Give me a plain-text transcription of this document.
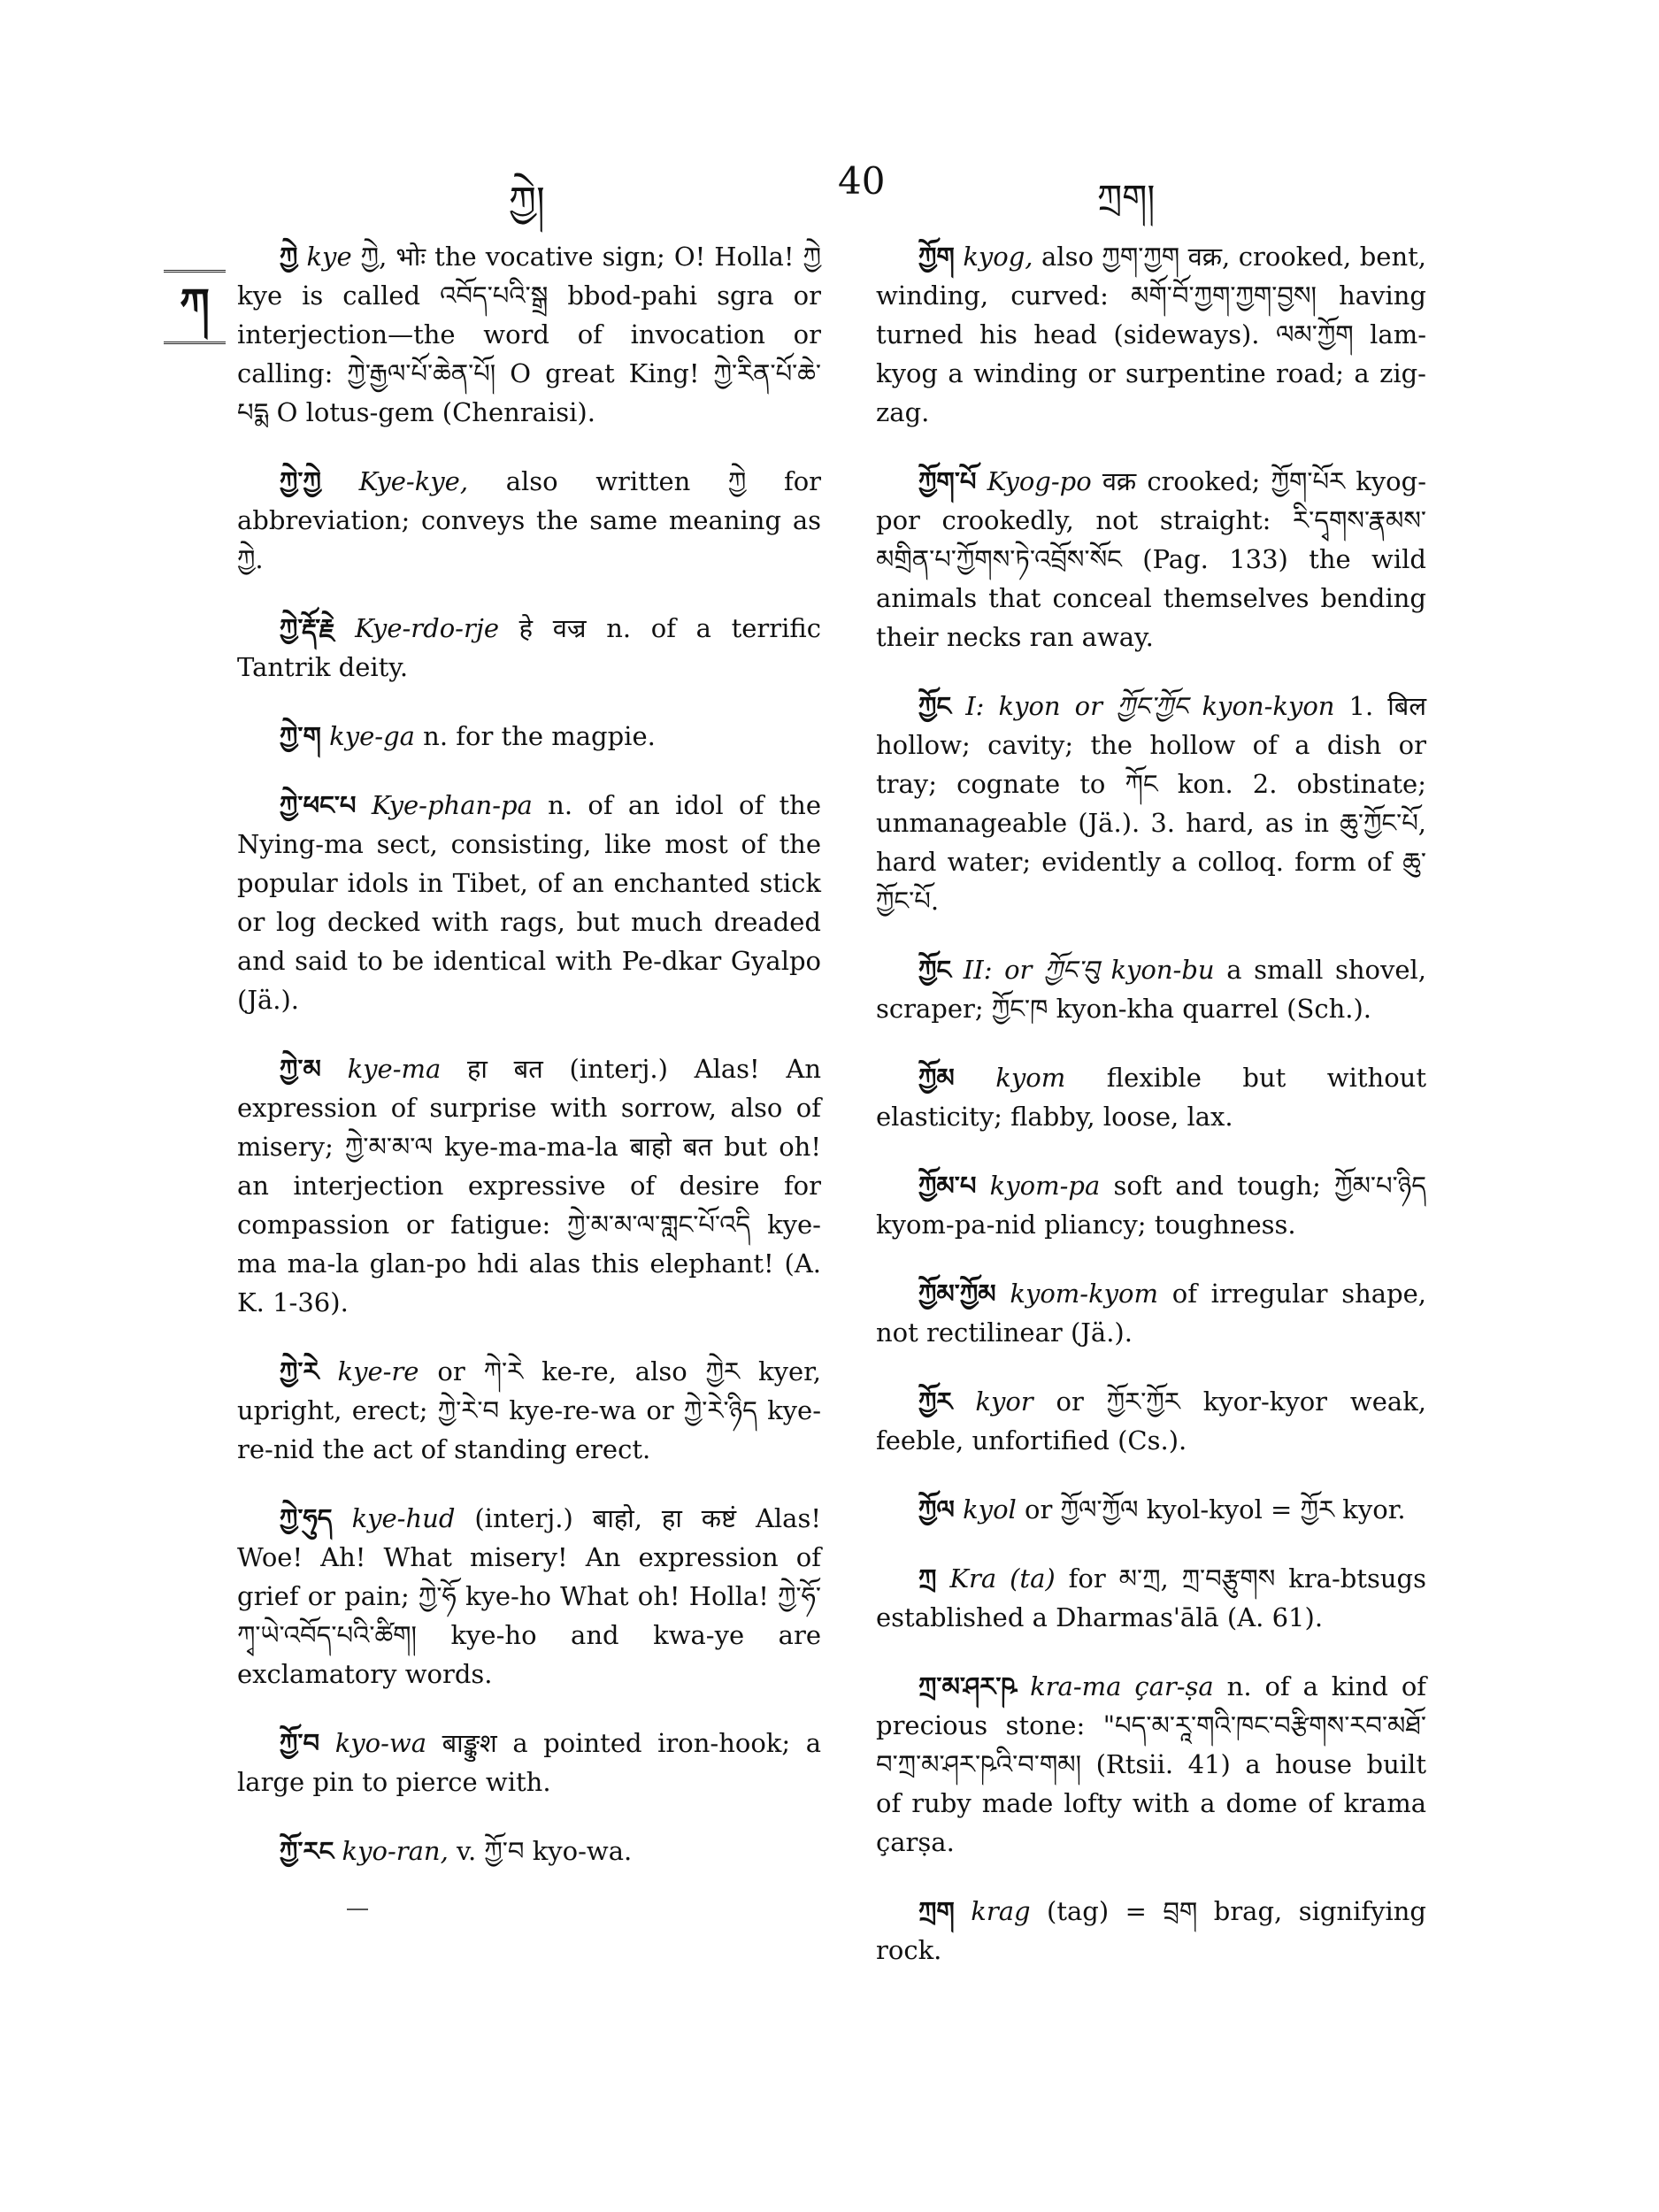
ཀྱེ།	40	ཀྲག།
ཀ

ཀྱེ kye ཀྱེ, भोः the vocative sign; O! Holla! ཀྱེ kye is called འབོད་པའི་སྒྲ bbod-pahi sgra or interjection—the word of invocation or calling: ཀྱེ་རྒྱལ་པོ་ཆེན་པོ། O great King! ཀྱེ་རིན་པོ་ཆེ་པདྨ O lotus-gem (Chenraisi).

ཀྱེ་ཀྱེ Kye-kye, also written ཀྱེ for abbreviation; conveys the same meaning as ཀྱེ.

ཀྱེ་རྡོ་རྗེ Kye-rdo-rje हे वज्र n. of a terrific Tantrik deity.

ཀྱེ་ག kye-ga n. for the magpie.

ཀྱེ་ཕང་པ Kye-phan-pa n. of an idol of the Nying-ma sect, consisting, like most of the popular idols in Tibet, of an enchanted stick or log decked with rags, but much dreaded and said to be identical with Pe-dkar Gyalpo (Jä.).

ཀྱེ་མ kye-ma हा बत (interj.) Alas! An expression of surprise with sorrow, also of misery; ཀྱེ་མ་མ་ལ kye-ma-ma-la बाहो बत but oh! an interjection expressive of desire for compassion or fatigue: ཀྱེ་མ་མ་ལ་གླང་པོ་འདི kye-ma ma-la glan-po hdi alas this elephant! (A. K. 1-36).

ཀྱེ་རེ kye-re or ཀེ་རེ ke-re, also ཀྱེར kyer, upright, erect; ཀྱེ་རེ་བ kye-re-wa or ཀྱེ་རེ་ཉིད kye-re-nid the act of standing erect.

ཀྱེ་ཧུད kye-hud (interj.) बाहो, हा कष्टं Alas! Woe! Ah! What misery! An expression of grief or pain; ཀྱེ་ཧོ kye-ho What oh! Holla! ཀྱེ་ཧོ་ཀྭ་ཡེ་འབོད་པའི་ཚིག། kye-ho and kwa-ye are exclamatory words.

ཀྱོ་བ kyo-wa बाङ्कुश a pointed iron-hook; a large pin to pierce with.

ཀྱོ་རང kyo-ran, v. ཀྱོ་བ kyo-wa.

ཀྱོག kyog, also ཀྱག་ཀྱག वक्र, crooked, bent, winding, curved: མགོ་བོ་ཀྱག་ཀྱག་བྱས། having turned his head (sideways). ལམ་ཀྱོག lam-kyog a winding or surpentine road; a zig-zag.

ཀྱོག་པོ Kyog-po वक्र crooked; ཀྱོག་པོར kyog-por crookedly, not straight: རི་དྭགས་རྣམས་མགྲིན་པ་ཀྱོགས་ཏེ་འབྲོས་སོང (Pag. 133) the wild animals that conceal themselves bending their necks ran away.

ཀྱོང I: kyon or ཀྱོང་ཀྱོང kyon-kyon 1. बिल hollow; cavity; the hollow of a dish or tray; cognate to ཀོང kon. 2. obstinate; unmanageable (Jä.). 3. hard, as in ཆུ་ཀྱོང་པོ, hard water; evidently a colloq. form of ཆུ་ཀྱོང་པོ.

ཀྱོང II: or ཀྱོང་བུ kyon-bu a small shovel, scraper; ཀྱོང་ཁ kyon-kha quarrel (Sch.).

ཀྱོམ kyom flexible but without elasticity; flabby, loose, lax.

ཀྱོམ་པ kyom-pa soft and tough; ཀྱོམ་པ་ཉིད kyom-pa-nid pliancy; toughness.

ཀྱོམ་ཀྱོམ kyom-kyom of irregular shape, not rectilinear (Jä.).

ཀྱོར kyor or ཀྱོར་ཀྱོར kyor-kyor weak, feeble, unfortified (Cs.).

ཀྱོལ kyol or ཀྱོལ་ཀྱོལ kyol-kyol = ཀྱོར kyor.

ཀྲ Kra (ta) for མ་ཀྲ, ཀྲ་བརྩུགས kra-btsugs established a Dharmas'ālā (A. 61).

ཀྲ་མ་ཤར་ཥ kra-ma çar-ṣa n. of a kind of precious stone: "པད་མ་རཱ་གའི་ཁང་བརྩིགས་རབ་མཐོ་བ་ཀྲ་མ་ཤར་ཥའི་བ་གམ། (Rtsii. 41) a house built of ruby made lofty with a dome of krama çarṣa.

ཀྲག krag (tag) = བྲག brag, signifying rock.
